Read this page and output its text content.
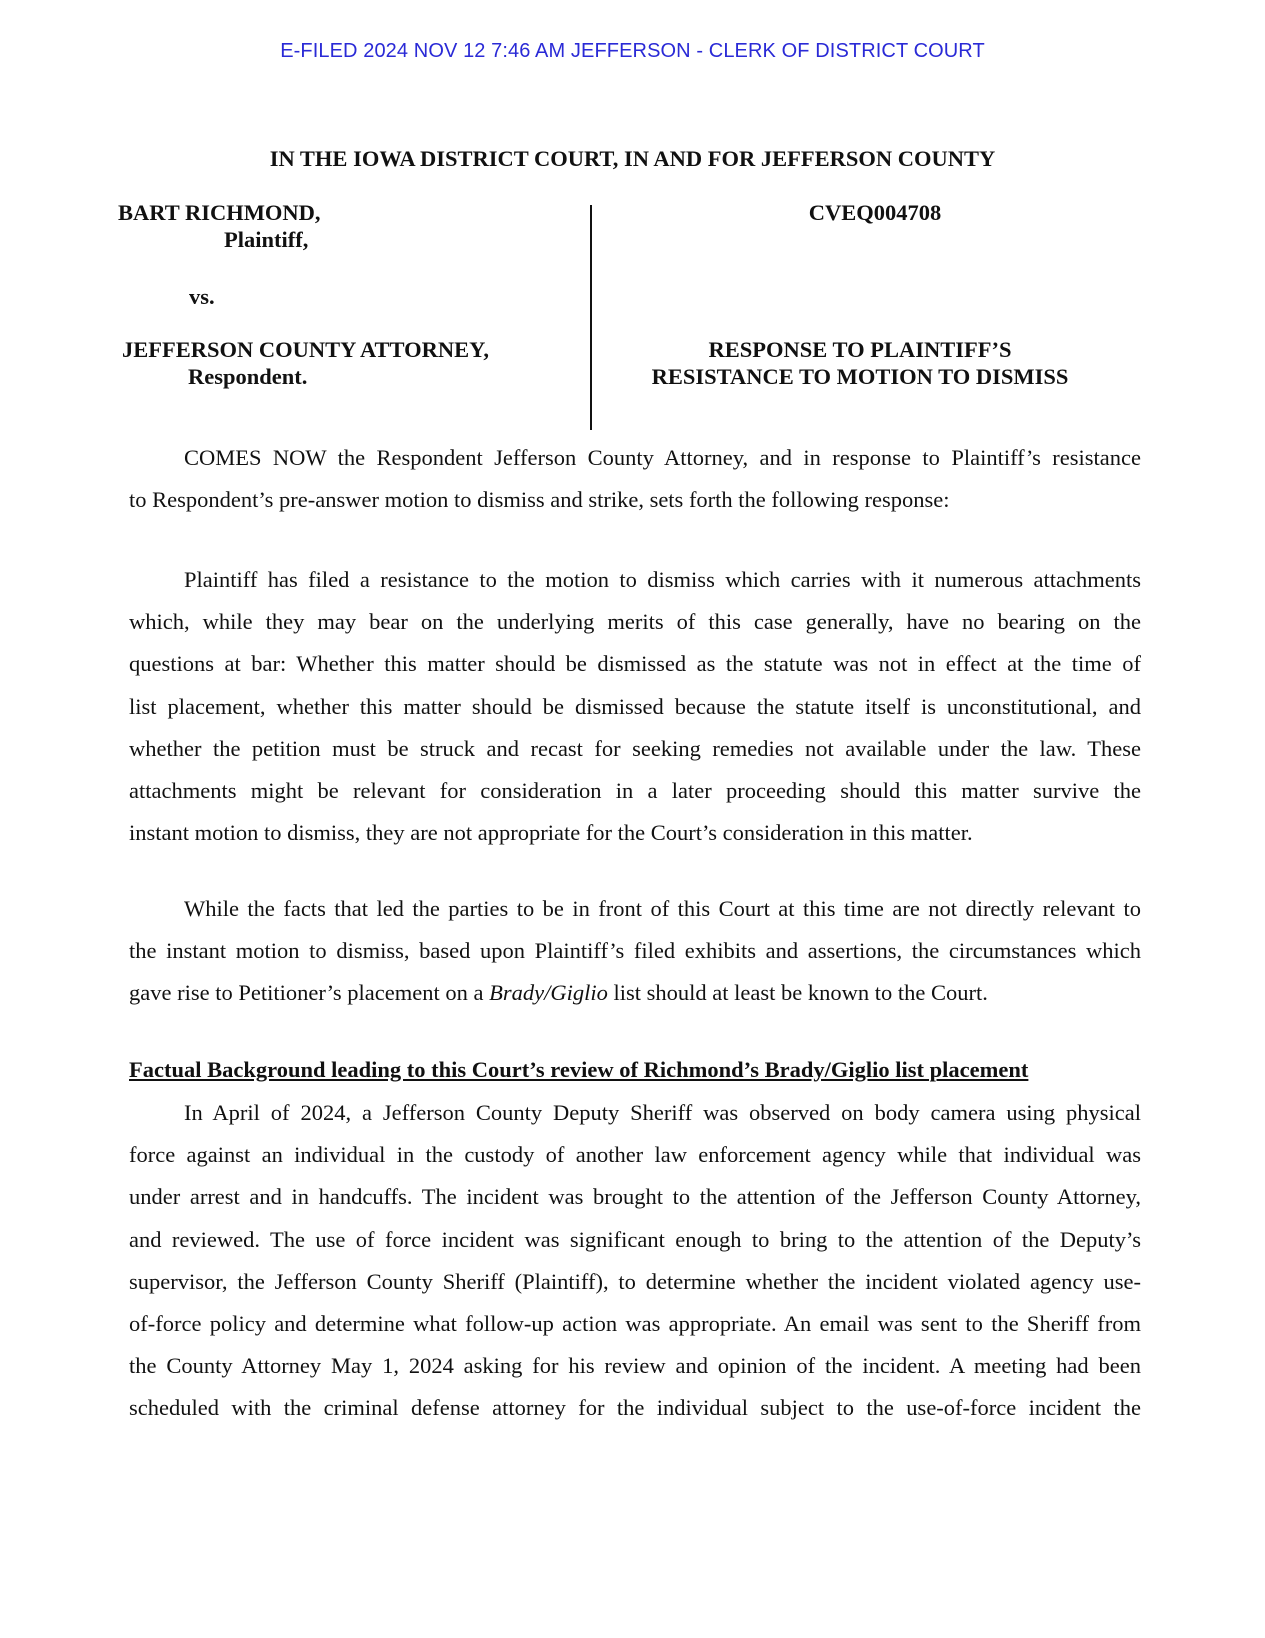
E-FILED 2024 NOV 12 7:46 AM JEFFERSON - CLERK OF DISTRICT COURT
IN THE IOWA DISTRICT COURT, IN AND FOR JEFFERSON COUNTY
BART RICHMOND,
Plaintiff,
vs.
JEFFERSON COUNTY ATTORNEY,
Respondent.
CVEQ004708
RESPONSE TO PLAINTIFF’S
RESISTANCE TO MOTION TO DISMISS
COMES NOW the Respondent Jefferson County Attorney, and in response to Plaintiff’s resistance
to Respondent’s pre-answer motion to dismiss and strike, sets forth the following response:
Plaintiff has filed a resistance to the motion to dismiss which carries with it numerous attachments
which, while they may bear on the underlying merits of this case generally, have no bearing on the
questions at bar: Whether this matter should be dismissed as the statute was not in effect at the time of
list placement, whether this matter should be dismissed because the statute itself is unconstitutional, and
whether the petition must be struck and recast for seeking remedies not available under the law. These
attachments might be relevant for consideration in a later proceeding should this matter survive the
instant motion to dismiss, they are not appropriate for the Court’s consideration in this matter.
While the facts that led the parties to be in front of this Court at this time are not directly relevant to
the instant motion to dismiss, based upon Plaintiff’s filed exhibits and assertions, the circumstances which
gave rise to Petitioner’s placement on a Brady/Giglio list should at least be known to the Court.
Factual Background leading to this Court’s review of Richmond’s Brady/Giglio list placement
In April of 2024, a Jefferson County Deputy Sheriff was observed on body camera using physical
force against an individual in the custody of another law enforcement agency while that individual was
under arrest and in handcuffs. The incident was brought to the attention of the Jefferson County Attorney,
and reviewed. The use of force incident was significant enough to bring to the attention of the Deputy’s
supervisor, the Jefferson County Sheriff (Plaintiff), to determine whether the incident violated agency use-
of-force policy and determine what follow-up action was appropriate. An email was sent to the Sheriff from
the County Attorney May 1, 2024 asking for his review and opinion of the incident. A meeting had been
scheduled with the criminal defense attorney for the individual subject to the use-of-force incident the
